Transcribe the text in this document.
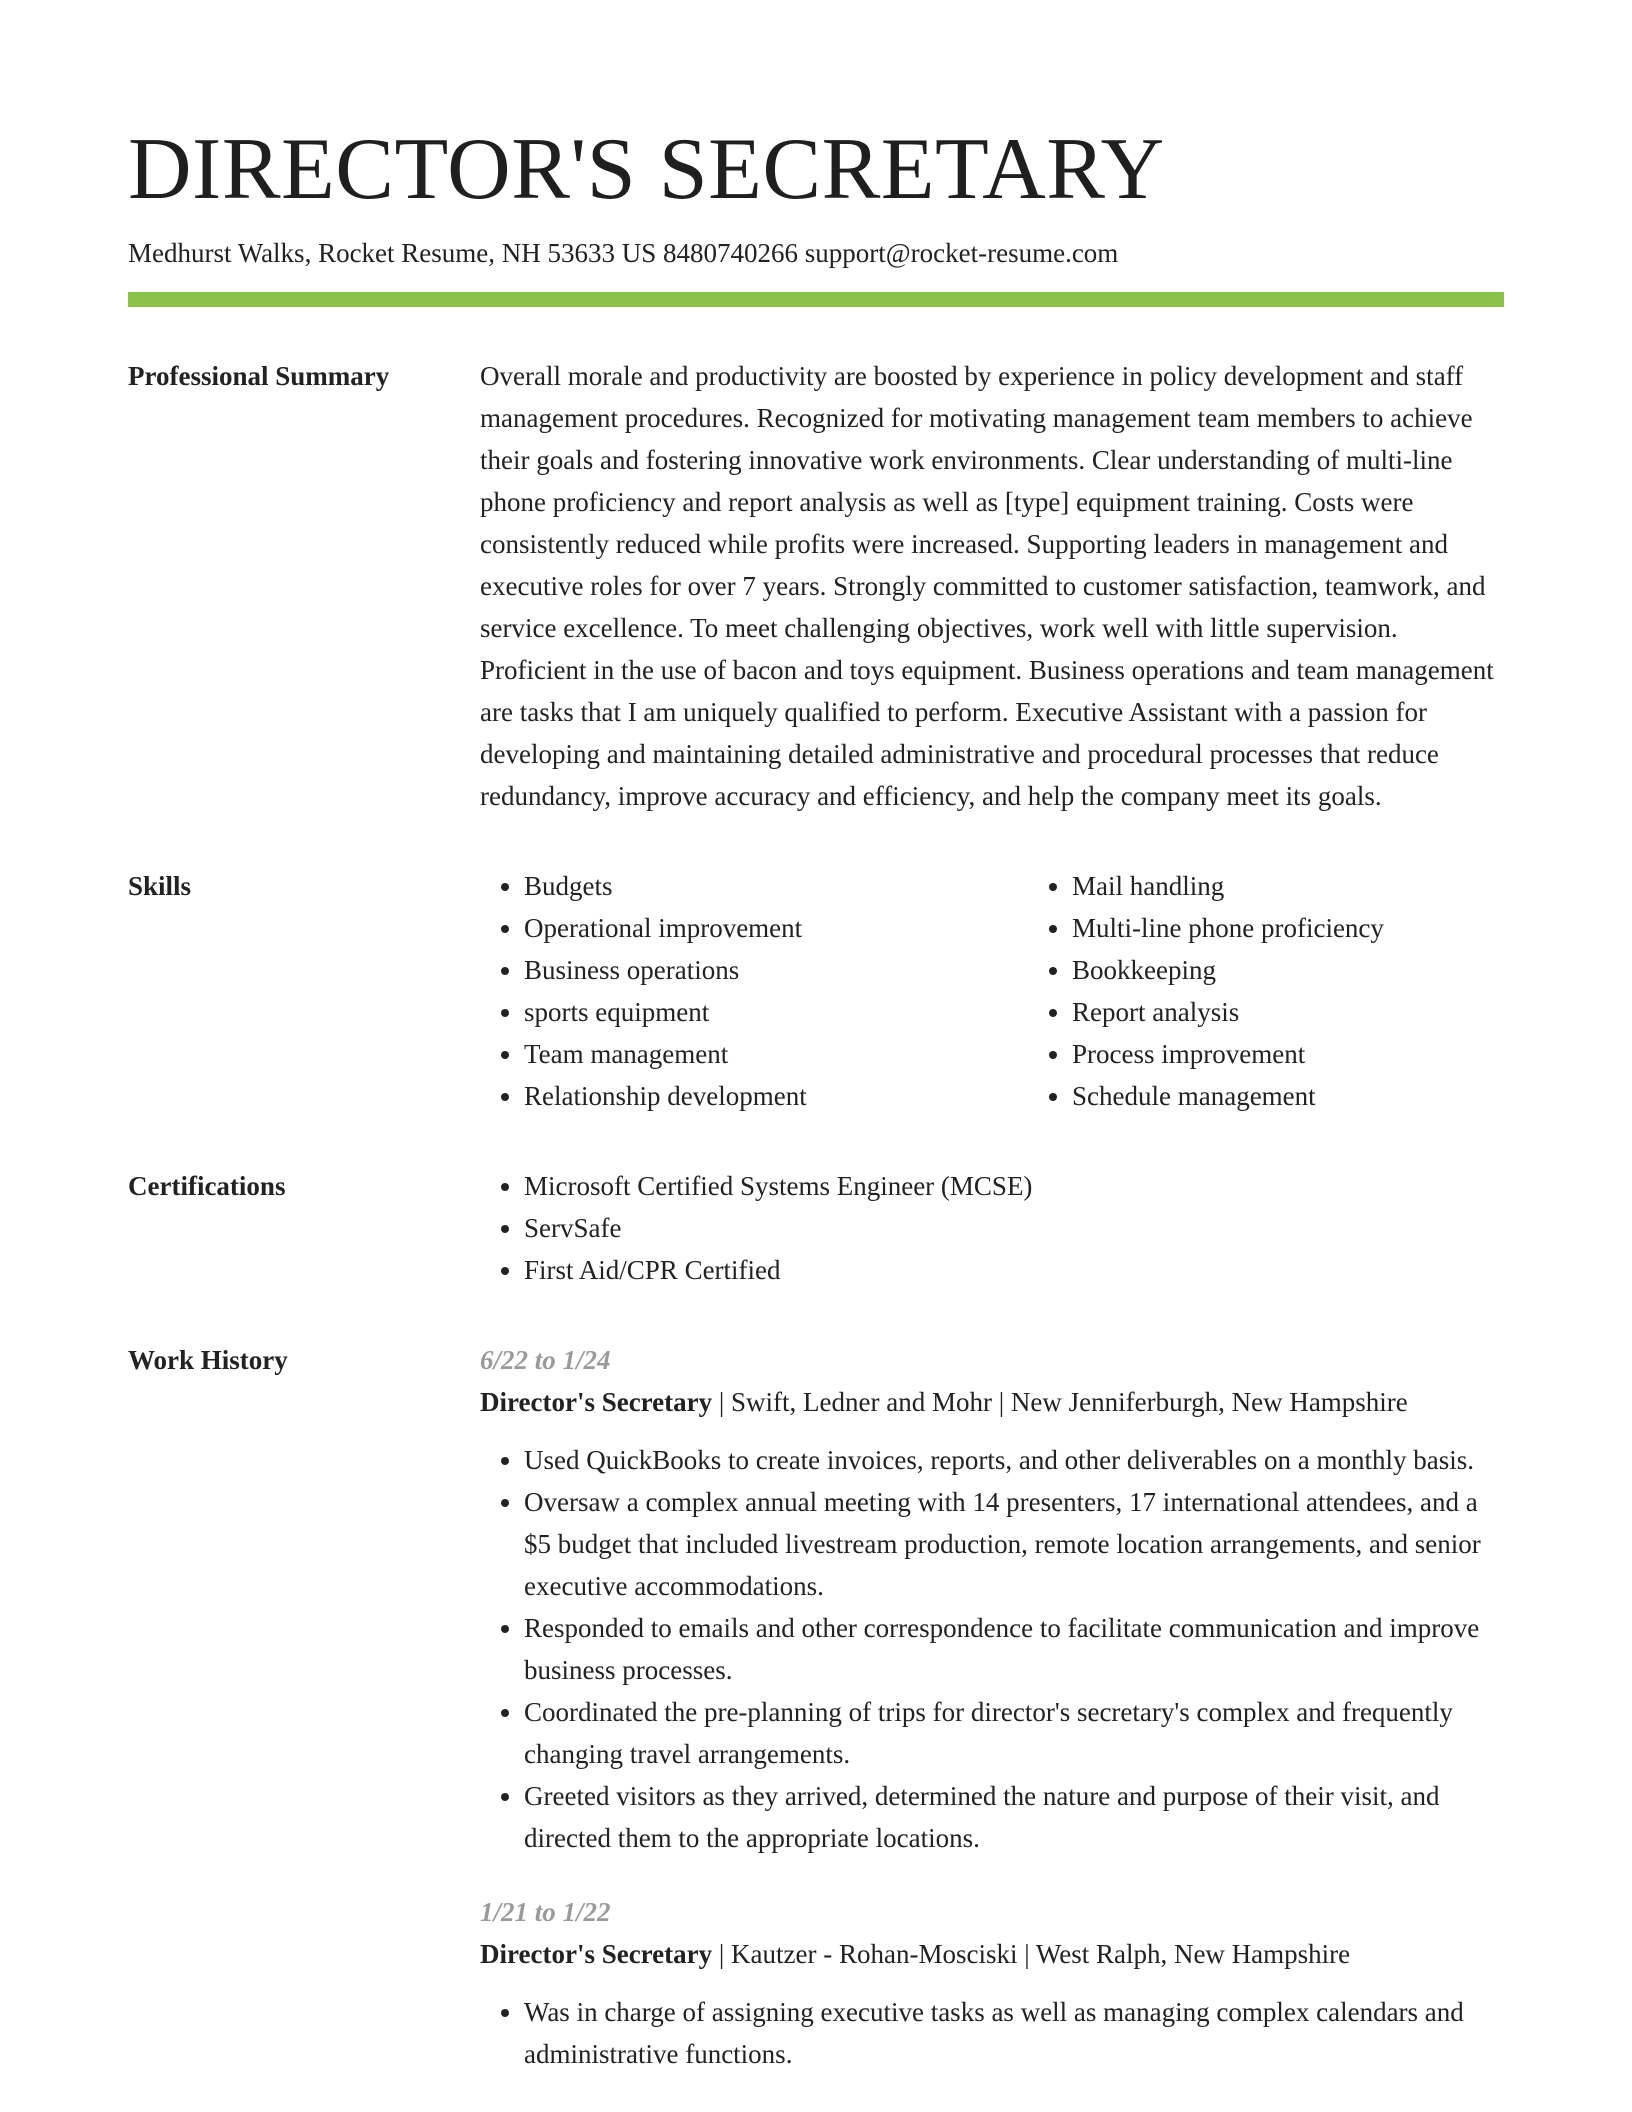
DIRECTOR'S SECRETARY
Medhurst Walks, Rocket Resume, NH 53633 US 8480740266 support@rocket-resume.com
Professional Summary	Overall morale and productivity are boosted by experience in policy development and staff management procedures. Recognized for motivating management team members to achieve their goals and fostering innovative work environments. Clear understanding of multi-line phone proficiency and report analysis as well as [type] equipment training. Costs were consistently reduced while profits were increased. Supporting leaders in management and executive roles for over 7 years. Strongly committed to customer satisfaction, teamwork, and service excellence. To meet challenging objectives, work well with little supervision. Proficient in the use of bacon and toys equipment. Business operations and team management are tasks that I am uniquely qualified to perform. Executive Assistant with a passion for developing and maintaining detailed administrative and procedural processes that reduce redundancy, improve accuracy and efficiency, and help the company meet its goals.

Skills	• Budgets
• Operational improvement
• Business operations
• sports equipment
• Team management
• Relationship development
• Mail handling
• Multi-line phone proficiency
• Bookkeeping
• Report analysis
• Process improvement
• Schedule management
Certifications	• Microsoft Certified Systems Engineer (MCSE)
• ServSafe
• First Aid/CPR Certified
Work History	6/22 to 1/24
Director's Secretary | Swift, Ledner and Mohr | New Jenniferburgh, New Hampshire
• Used QuickBooks to create invoices, reports, and other deliverables on a monthly basis.
• Oversaw a complex annual meeting with 14 presenters, 17 international attendees, and a $5 budget that included livestream production, remote location arrangements, and senior executive accommodations.
• Responded to emails and other correspondence to facilitate communication and improve business processes.
• Coordinated the pre-planning of trips for director's secretary's complex and frequently changing travel arrangements.
• Greeted visitors as they arrived, determined the nature and purpose of their visit, and directed them to the appropriate locations.
1/21 to 1/22
Director's Secretary | Kautzer - Rohan-Mosciski | West Ralph, New Hampshire
• Was in charge of assigning executive tasks as well as managing complex calendars and administrative functions.
